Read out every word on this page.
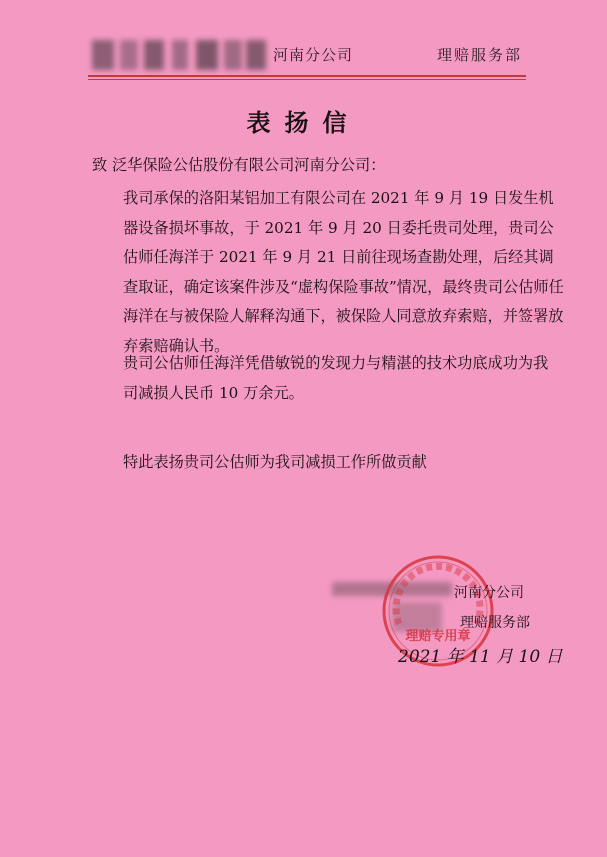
河南分公司	理赔服务部
表扬信
致 泛华保险公估股份有限公司河南分公司：
我司承保的洛阳某铝加工有限公司在 2021 年 9 月 19 日发生机器设备损坏事故，于 2021 年 9 月 20 日委托贵司处理，贵司公估师任海洋于 2021 年 9 月 21 日前往现场查勘处理，后经其调查取证，确定该案件涉及“虚构保险事故”情况，最终贵司公估师任海洋在与被保险人解释沟通下，被保险人同意放弃索赔，并签署放弃索赔确认书。
贵司公估师任海洋凭借敏锐的发现力与精湛的技术功底成功为我司减损人民币 10 万余元。
特此表扬贵司公估师为我司减损工作所做贡献
理赔专用章
河南分公司
理赔服务部
2021 年 11 月 10 日
